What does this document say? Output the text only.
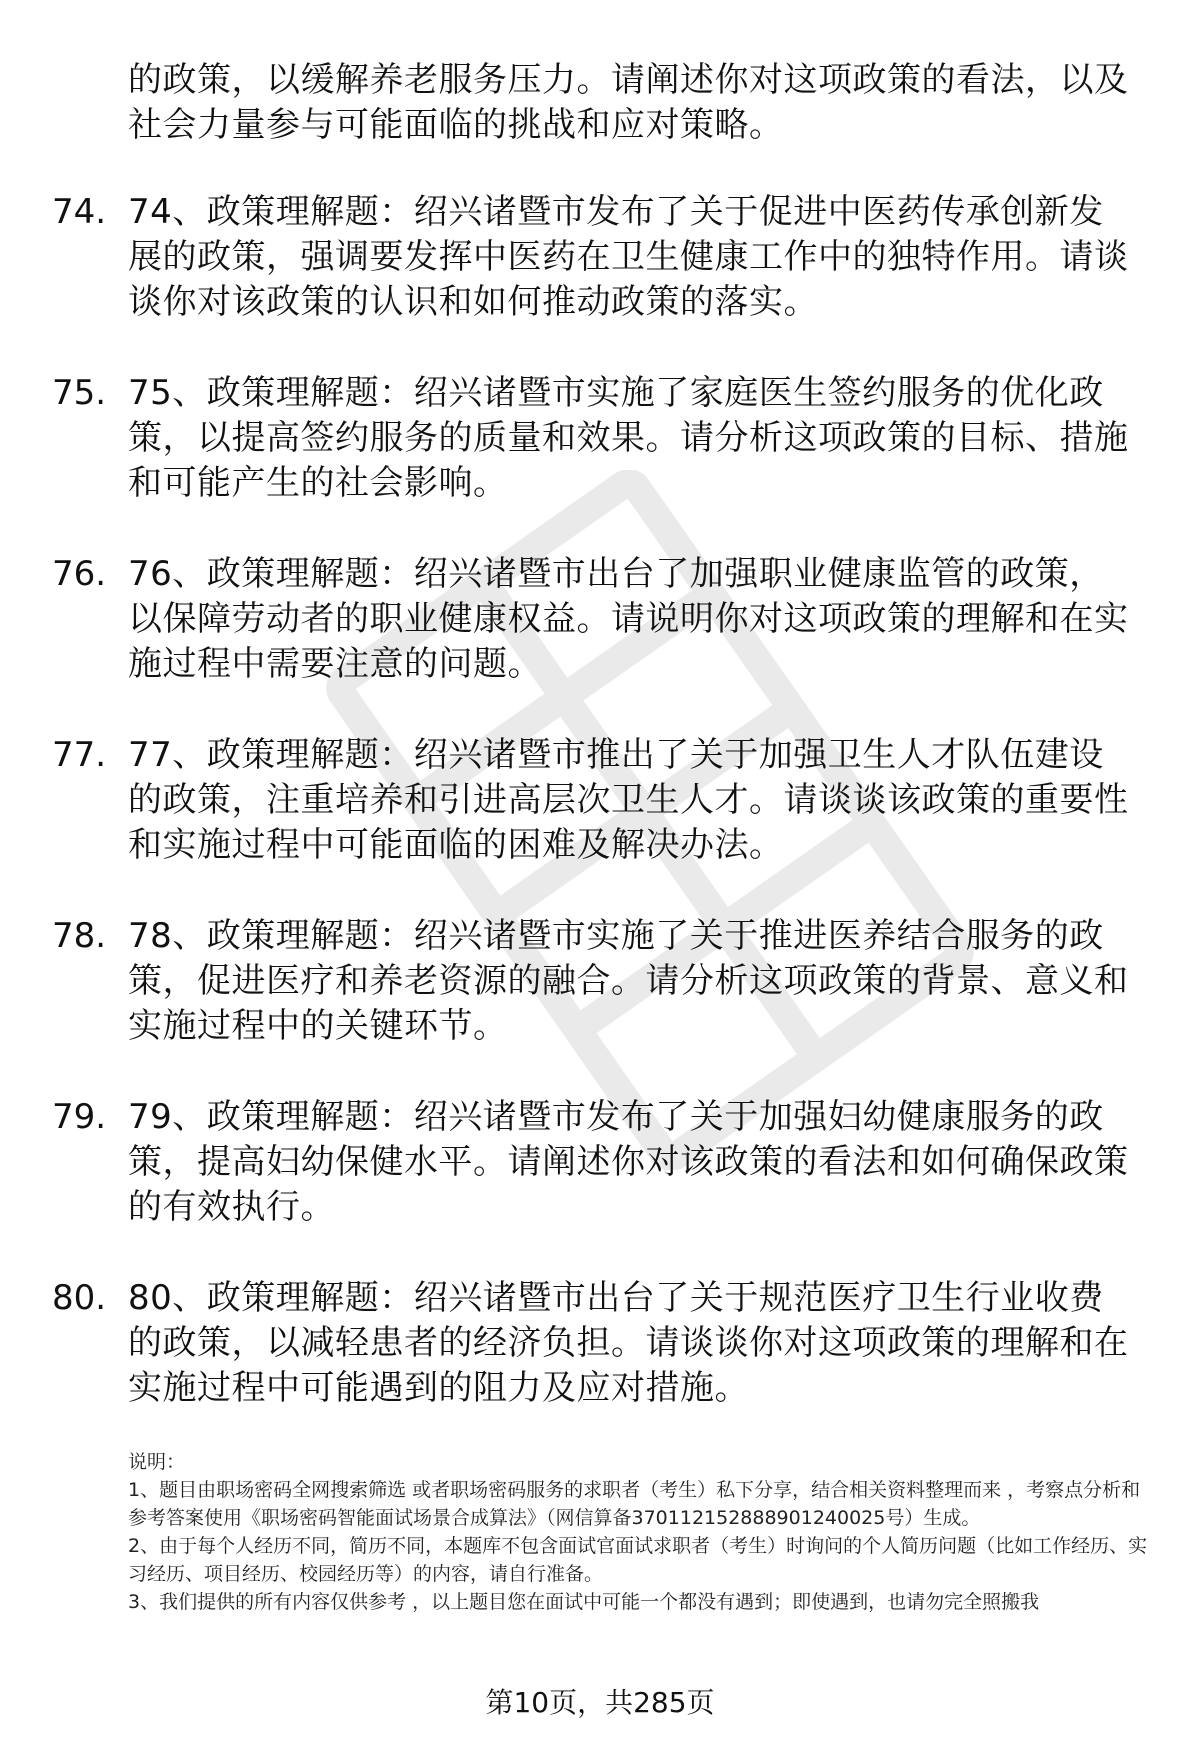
的政策，以缓解养老服务压力。请阐述你对这项政策的看法，以及社会力量参与可能面临的挑战和应对策略。
74. 74、政策理解题：绍兴诸暨市发布了关于促进中医药传承创新发展的政策，强调要发挥中医药在卫生健康工作中的独特作用。请谈谈你对该政策的认识和如何推动政策的落实。
75. 75、政策理解题：绍兴诸暨市实施了家庭医生签约服务的优化政策，以提高签约服务的质量和效果。请分析这项政策的目标、措施和可能产生的社会影响。
76. 76、政策理解题：绍兴诸暨市出台了加强职业健康监管的政策，以保障劳动者的职业健康权益。请说明你对这项政策的理解和在实施过程中需要注意的问题。
77. 77、政策理解题：绍兴诸暨市推出了关于加强卫生人才队伍建设的政策，注重培养和引进高层次卫生人才。请谈谈该政策的重要性和实施过程中可能面临的困难及解决办法。
78. 78、政策理解题：绍兴诸暨市实施了关于推进医养结合服务的政策，促进医疗和养老资源的融合。请分析这项政策的背景、意义和实施过程中的关键环节。
79. 79、政策理解题：绍兴诸暨市发布了关于加强妇幼健康服务的政策，提高妇幼保健水平。请阐述你对该政策的看法和如何确保政策的有效执行。
80. 80、政策理解题：绍兴诸暨市出台了关于规范医疗卫生行业收费的政策，以减轻患者的经济负担。请谈谈你对这项政策的理解和在实施过程中可能遇到的阻力及应对措施。

说明：

1、题目由职场密码全网搜索筛选 或者职场密码服务的求职者（考生）私下分享，结合相关资料整理而来 ，考察点分析和参考答案使用《职场密码智能面试场景合成算法》（网信算备370112152888901240025号）生成。

2、由于每个人经历不同，简历不同，本题库不包含面试官面试求职者（考生）时询问的个人简历问题（比如工作经历、实习经历、项目经历、校园经历等）的内容，请自行准备。

3、我们提供的所有内容仅供参考 ，以上题目您在面试中可能一个都没有遇到；即使遇到，也请勿完全照搬我

第10页，共285页
